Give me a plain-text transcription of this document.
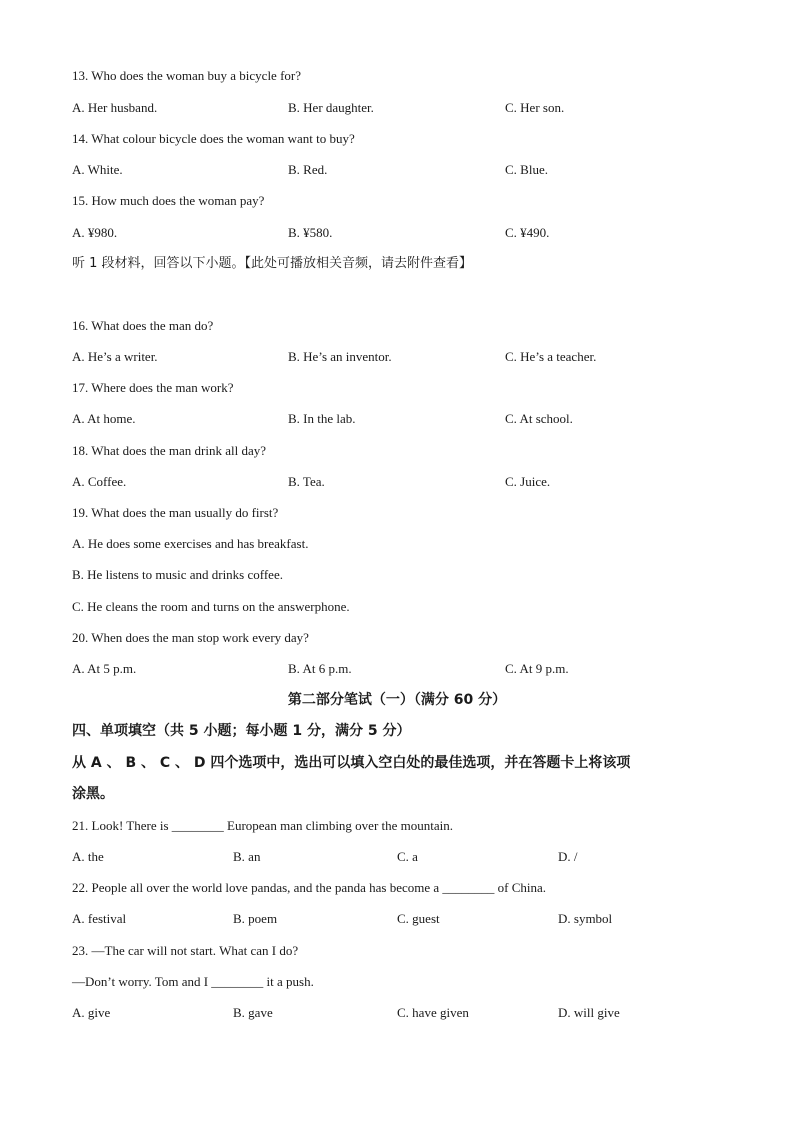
13. Who does the woman buy a bicycle for?
A. Her husband.	B. Her daughter.	C. Her son.
14. What colour bicycle does the woman want to buy?
A. White.	B. Red.	C. Blue.
15. How much does the woman pay?
A. ¥980.	B. ¥580.	C. ¥490.
听 1 段材料，回答以下小题。【此处可播放相关音频，请去附件查看】
16. What does the man do?
A. He’s a writer.	B. He’s an inventor.	C. He’s a teacher.
17. Where does the man work?
A. At home.	B. In the lab.	C. At school.
18. What does the man drink all day?
A. Coffee.	B. Tea.	C. Juice.
19. What does the man usually do first?
A. He does some exercises and has breakfast.
B. He listens to music and drinks coffee.
C. He cleans the room and turns on the answerphone.
20. When does the man stop work every day?
A. At 5 p.m.	B. At 6 p.m.	C. At 9 p.m.
第二部分笔试（一）（满分 60 分）
四、单项填空（共 5 小题；每小题 1 分，满分 5 分）
从 A 、 B 、 C 、 D 四个选项中，选出可以填入空白处的最佳选项，并在答题卡上将该项
涂黑。
21. Look! There is ________ European man climbing over the mountain.
A. the	B. an	C. a	D. /
22. People all over the world love pandas, and the panda has become a ________ of China.
A. festival	B. poem	C. guest	D. symbol
23. —The car will not start. What can I do?
—Don’t worry. Tom and I ________ it a push.
A. give	B. gave	C. have given	D. will give
